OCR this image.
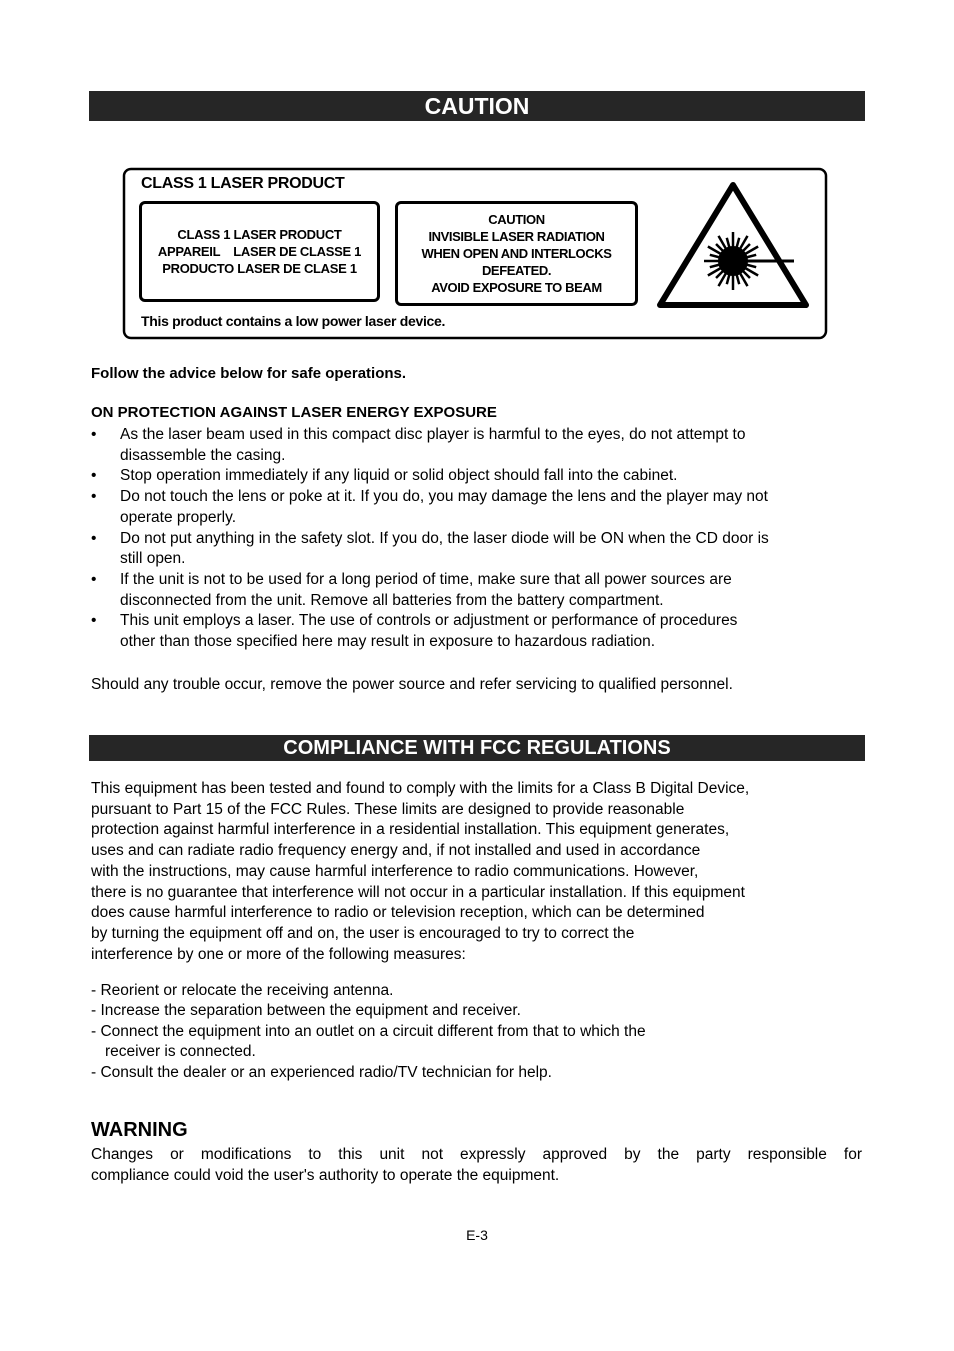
CAUTION
CLASS 1 LASER PRODUCT
CLASS 1 LASER PRODUCT
APPAREIL    LASER DE CLASSE 1
PRODUCTO LASER DE CLASE 1
CAUTION
INVISIBLE LASER RADIATION
WHEN OPEN AND INTERLOCKS
DEFEATED.
AVOID EXPOSURE TO BEAM
This product contains a low power laser device.
Follow the advice below for safe operations.
ON PROTECTION AGAINST LASER ENERGY EXPOSURE
• As the laser beam used in this compact disc player is harmful to the eyes, do not attempt to
disassemble the casing.
• Stop operation immediately if any liquid or solid object should fall into the cabinet.
• Do not touch the lens or poke at it. If you do, you may damage the lens and the player may not
operate properly.
• Do not put anything in the safety slot. If you do, the laser diode will be ON when the CD door is
still open.
• If the unit is not to be used for a long period of time, make sure that all power sources are
disconnected from the unit. Remove all batteries from the battery compartment.
• This unit employs a laser. The use of controls or adjustment or performance of procedures
other than those specified here may result in exposure to hazardous radiation.
Should any trouble occur, remove the power source and refer servicing to qualified personnel.
COMPLIANCE WITH FCC REGULATIONS
This equipment has been tested and found to comply with the limits for a Class B Digital Device,
pursuant to Part 15 of the FCC Rules. These limits are designed to provide reasonable
protection against harmful interference in a residential installation. This equipment generates,
uses and can radiate radio frequency energy and, if not installed and used in accordance
with the instructions, may cause harmful interference to radio communications. However,
there is no guarantee that interference will not occur in a particular installation. If this equipment
does cause harmful interference to radio or television reception, which can be determined
by turning the equipment off and on, the user is encouraged to try to correct the
interference by one or more of the following measures:
- Reorient or relocate the receiving antenna.
- Increase the separation between the equipment and receiver.
- Connect the equipment into an outlet on a circuit different from that to which the
receiver is connected.
- Consult the dealer or an experienced radio/TV technician for help.
WARNING
Changes or modifications to this unit not expressly approved by the party responsible for
compliance could void the user's authority to operate the equipment.
E-3
